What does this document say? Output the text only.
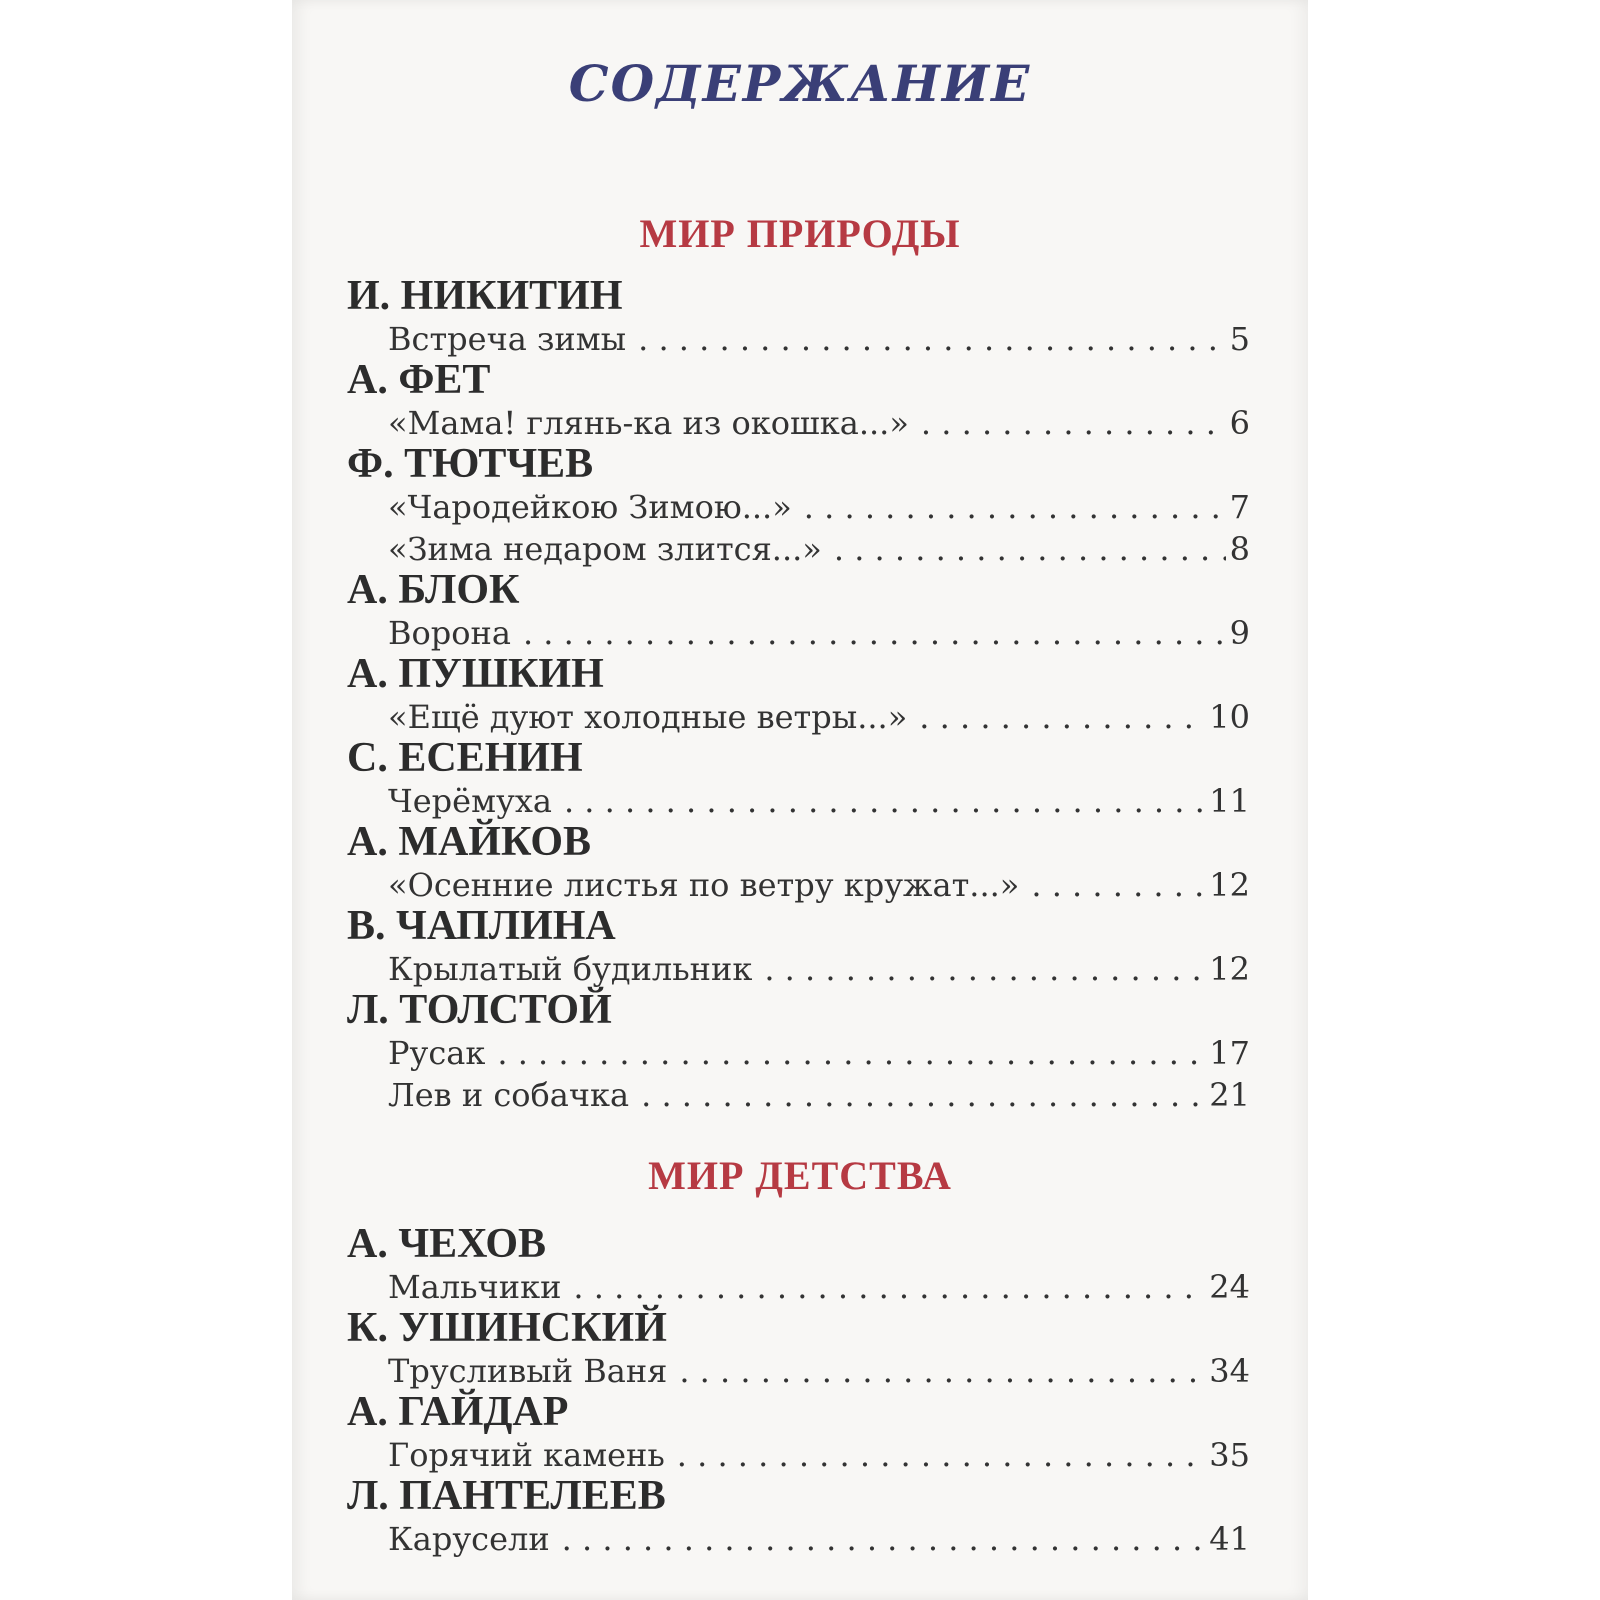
СОДЕРЖАНИЕ
МИР ПРИРОДЫ
И. НИКИТИН
Встреча зимы . . .	5
А. ФЕТ
«Мама! глянь-ка из окошка...» . . .	6
Ф. ТЮТЧЕВ
«Чародейкою Зимою...» . . .	7
«Зима недаром злится...» . . .	8
А. БЛОК
Ворона . . .	9
А. ПУШКИН
«Ещё дуют холодные ветры...» . . .	10
С. ЕСЕНИН
Черёмуха . . .	11
А. МАЙКОВ
«Осенние листья по ветру кружат...» . . .	12
В. ЧАПЛИНА
Крылатый будильник . . .	12
Л. ТОЛСТОЙ
Русак . . .	17
Лев и собачка . . .	21
МИР ДЕТСТВА
А. ЧЕХОВ
Мальчики . . .	24
К. УШИНСКИЙ
Трусливый Ваня . . .	34
А. ГАЙДАР
Горячий камень . . .	35
Л. ПАНТЕЛЕЕВ
Карусели . . .	41
